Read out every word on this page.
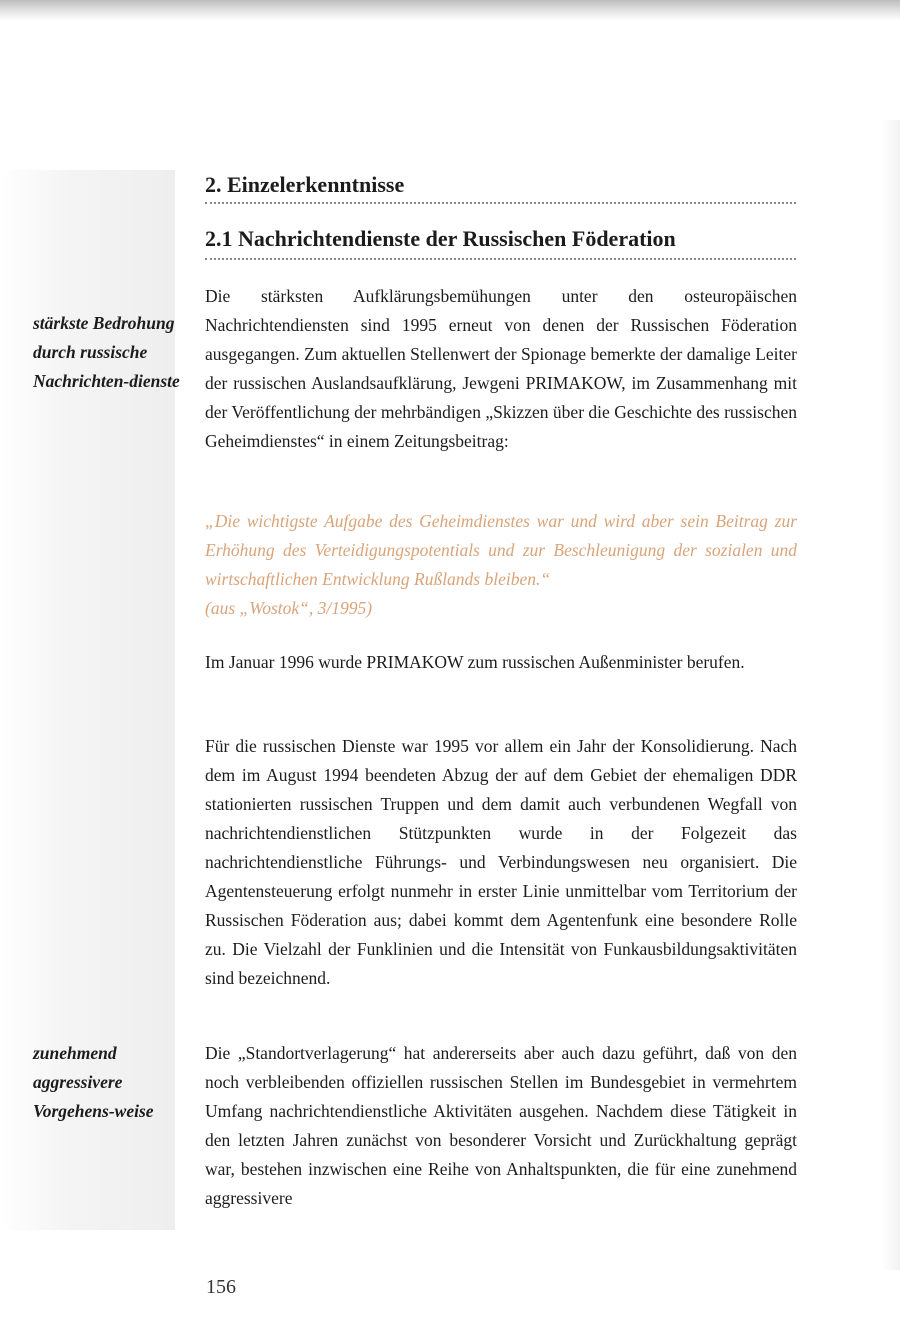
2. Einzelerkenntnisse
2.1 Nachrichtendienste der Russischen Föderation

stärkste Bedrohung durch russische Nachrichten-dienste

Die stärksten Aufklärungsbemühungen unter den osteuropäischen Nachrichtendiensten sind 1995 erneut von denen der Russischen Föderation ausgegangen. Zum aktuellen Stellenwert der Spionage bemerkte der damalige Leiter der russischen Auslandsaufklärung, Jewgeni PRIMAKOW, im Zusammenhang mit der Veröffentlichung der mehrbändigen „Skizzen über die Geschichte des russischen Geheimdienstes“ in einem Zeitungsbeitrag:

„Die wichtigste Aufgabe des Geheimdienstes war und wird aber sein Beitrag zur Erhöhung des Verteidigungspotentials und zur Beschleunigung der sozialen und wirtschaftlichen Entwicklung Rußlands bleiben.“

(aus „Wostok“, 3/1995)

Im Januar 1996 wurde PRIMAKOW zum russischen Außenminister berufen.

Für die russischen Dienste war 1995 vor allem ein Jahr der Konsolidierung. Nach dem im August 1994 beendeten Abzug der auf dem Gebiet der ehemaligen DDR stationierten russischen Truppen und dem damit auch verbundenen Wegfall von nachrichtendienstlichen Stützpunkten wurde in der Folgezeit das nachrichtendienstliche Führungs- und Verbindungswesen neu organisiert. Die Agentensteuerung erfolgt nunmehr in erster Linie unmittelbar vom Territorium der Russischen Föderation aus; dabei kommt dem Agentenfunk eine besondere Rolle zu. Die Vielzahl der Funklinien und die Intensität von Funkausbildungsaktivitäten sind bezeichnend.

zunehmend aggressivere Vorgehens-weise

Die „Standortverlagerung“ hat andererseits aber auch dazu geführt, daß von den noch verbleibenden offiziellen russischen Stellen im Bundesgebiet in vermehrtem Umfang nachrichtendienstliche Aktivitäten ausgehen. Nachdem diese Tätigkeit in den letzten Jahren zunächst von besonderer Vorsicht und Zurückhaltung geprägt war, bestehen inzwischen eine Reihe von Anhaltspunkten, die für eine zunehmend aggressivere

156
